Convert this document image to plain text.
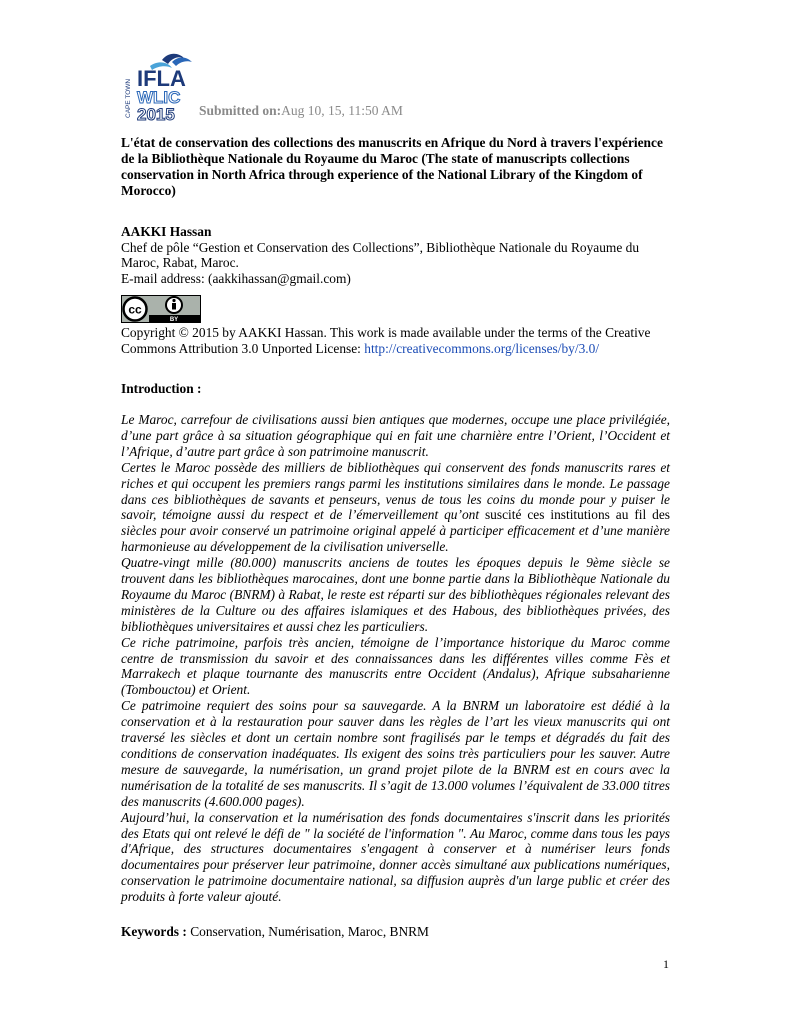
CAPE TOWN
IFLA
WLIC
2015 Submitted on:Aug 10, 15, 11:50 AM

L'état de conservation des collections des manuscrits en Afrique du Nord à travers l'expérience de la Bibliothèque Nationale du Royaume du Maroc (The state of manuscripts collections conservation in North Africa through experience of the National Library of the Kingdom of Morocco)

AAKKI Hassan

Chef de pôle “Gestion et Conservation des Collections”, Bibliothèque Nationale du Royaume du Maroc, Rabat, Maroc.

E-mail address: (aakkihassan@gmail.com)

cc
BY

Copyright © 2015 by AAKKI Hassan. This work is made available under the terms of the Creative Commons Attribution 3.0 Unported License: http://creativecommons.org/licenses/by/3.0/

Introduction :

Le Maroc, carrefour de civilisations aussi bien antiques que modernes, occupe une place privilégiée, d’une part grâce à sa situation géographique qui en fait une charnière entre l’Orient, l’Occident et l’Afrique, d’autre part grâce à son patrimoine manuscrit.

Certes le Maroc possède des milliers de bibliothèques qui conservent des fonds manuscrits rares et riches et qui occupent les premiers rangs parmi les institutions similaires dans le monde. Le passage dans ces bibliothèques de savants et penseurs, venus de tous les coins du monde pour y puiser le savoir, témoigne aussi du respect et de l’émerveillement qu’ont suscité ces institutions au fil des siècles pour avoir conservé un patrimoine original appelé à participer efficacement et d’une manière harmonieuse au développement de la civilisation universelle.

Quatre-vingt mille (80.000) manuscrits anciens de toutes les époques depuis le 9ème siècle se trouvent dans les bibliothèques marocaines, dont une bonne partie dans la Bibliothèque Nationale du Royaume du Maroc (BNRM) à Rabat, le reste est réparti sur des bibliothèques régionales relevant des ministères de la Culture ou des affaires islamiques et des Habous, des bibliothèques privées, des bibliothèques universitaires et aussi chez les particuliers.

Ce riche patrimoine, parfois très ancien, témoigne de l’importance historique du Maroc comme centre de transmission du savoir et des connaissances dans les différentes villes comme Fès et Marrakech et plaque tournante des manuscrits entre Occident (Andalus), Afrique subsaharienne (Tombouctou) et Orient.

Ce patrimoine requiert des soins pour sa sauvegarde. A la BNRM un laboratoire est dédié à la conservation et à la restauration pour sauver dans les règles de l’art les vieux manuscrits qui ont traversé les siècles et dont un certain nombre sont fragilisés par le temps et dégradés du fait des conditions de conservation inadéquates. Ils exigent des soins très particuliers pour les sauver. Autre mesure de sauvegarde, la numérisation, un grand projet pilote de la BNRM est en cours avec la numérisation de la totalité de ses manuscrits. Il s’agit de 13.000 volumes l’équivalent de 33.000 titres des manuscrits (4.600.000 pages).

Aujourd’hui, la conservation et la numérisation des fonds documentaires s'inscrit dans les priorités des Etats qui ont relevé le défi de " la société de l'information ". Au Maroc, comme dans tous les pays d'Afrique, des structures documentaires s'engagent à conserver et à numériser leurs fonds documentaires pour préserver leur patrimoine, donner accès simultané aux publications numériques, conservation le patrimoine documentaire national, sa diffusion auprès d'un large public et créer des produits à forte valeur ajouté.

Keywords : Conservation, Numérisation, Maroc, BNRM

1
